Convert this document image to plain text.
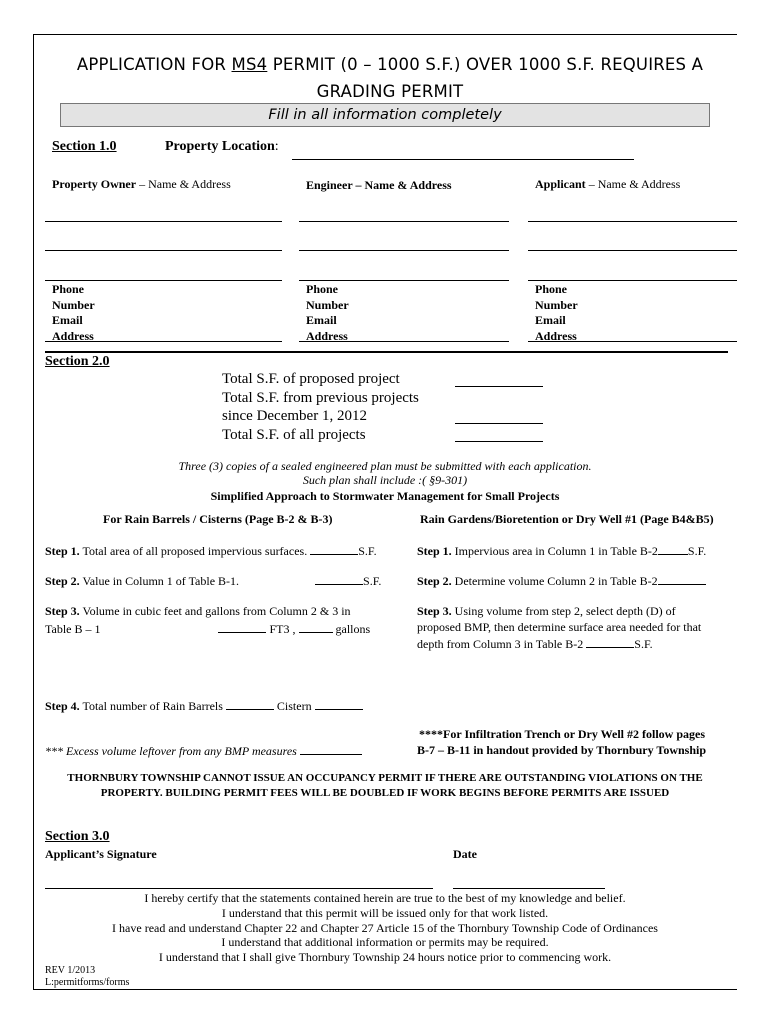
APPLICATION FOR MS4 PERMIT (0 – 1000 S.F.) OVER 1000 S.F. REQUIRES A
GRADING PERMIT
Fill in all information completely
Section 1.0	Property Location:
Property Owner – Name & Address	Engineer – Name & Address	Applicant – Name & Address
Phone
Number
Email
Address
Phone
Number
Email
Address
Phone
Number
Email
Address
Section 2.0
Total S.F. of proposed project
Total S.F. from previous projects
since December 1, 2012
Total S.F. of all projects
Three (3) copies of a sealed engineered plan must be submitted with each application.
Such plan shall include :( §9-301)
Simplified Approach to Stormwater Management for Small Projects
For Rain Barrels / Cisterns (Page B-2 & B-3)	Rain Gardens/Bioretention or Dry Well #1 (Page B4&B5)
Step 1. Total area of all proposed impervious surfaces.	S.F.
Step 2. Value in Column 1 of Table B-1.	S.F.
Step 3. Volume in cubic feet and gallons from Column 2 & 3 in
Table B – 1	FT3 ,	gallons
Step 4. Total number of Rain Barrels	Cistern
Step 1. Impervious area in Column 1 in Table B-2	S.F.
Step 2. Determine volume Column 2 in Table B-2
Step 3. Using volume from step 2, select depth (D) of
proposed BMP, then determine surface area needed for that
depth from Column 3 in Table B-2	S.F.
*** Excess volume leftover from any BMP measures
****For Infiltration Trench or Dry Well #2 follow pages
B-7 – B-11 in handout provided by Thornbury Township
THORNBURY TOWNSHIP CANNOT ISSUE AN OCCUPANCY PERMIT IF THERE ARE OUTSTANDING VIOLATIONS ON THE
PROPERTY. BUILDING PERMIT FEES WILL BE DOUBLED IF WORK BEGINS BEFORE PERMITS ARE ISSUED
Section 3.0
Applicant’s Signature	Date
I hereby certify that the statements contained herein are true to the best of my knowledge and belief.
I understand that this permit will be issued only for that work listed.
I have read and understand Chapter 22 and Chapter 27 Article 15 of the Thornbury Township Code of Ordinances
I understand that additional information or permits may be required.
I understand that I shall give Thornbury Township 24 hours notice prior to commencing work.
REV 1/2013
L:permitforms/forms
